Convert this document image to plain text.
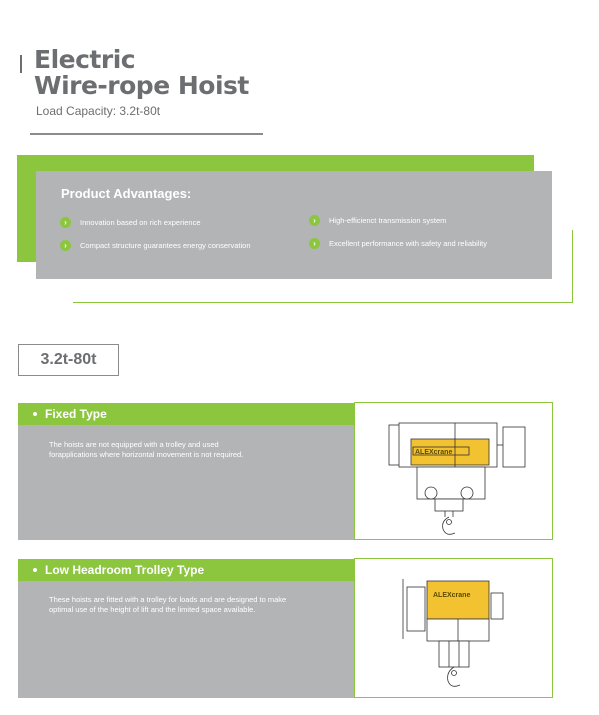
Electric
Wire-rope Hoist
Load Capacity: 3.2t-80t
Product Advantages:
›	Innovation based on rich experience	›	High-efficienct transmission system
›	Compact structure guarantees energy conservation	›	Excellent performance with safety and reliability
3.2t-80t
Fixed Type
The hoists are not equipped with a trolley and used forapplications where horizontal movement is not required.	ALEXcrane
Low Headroom Trolley Type
These hoists are fitted with a trolley for loads and are designed to make optimal use of the height of lift and the limited space available.
ALEXcrane
